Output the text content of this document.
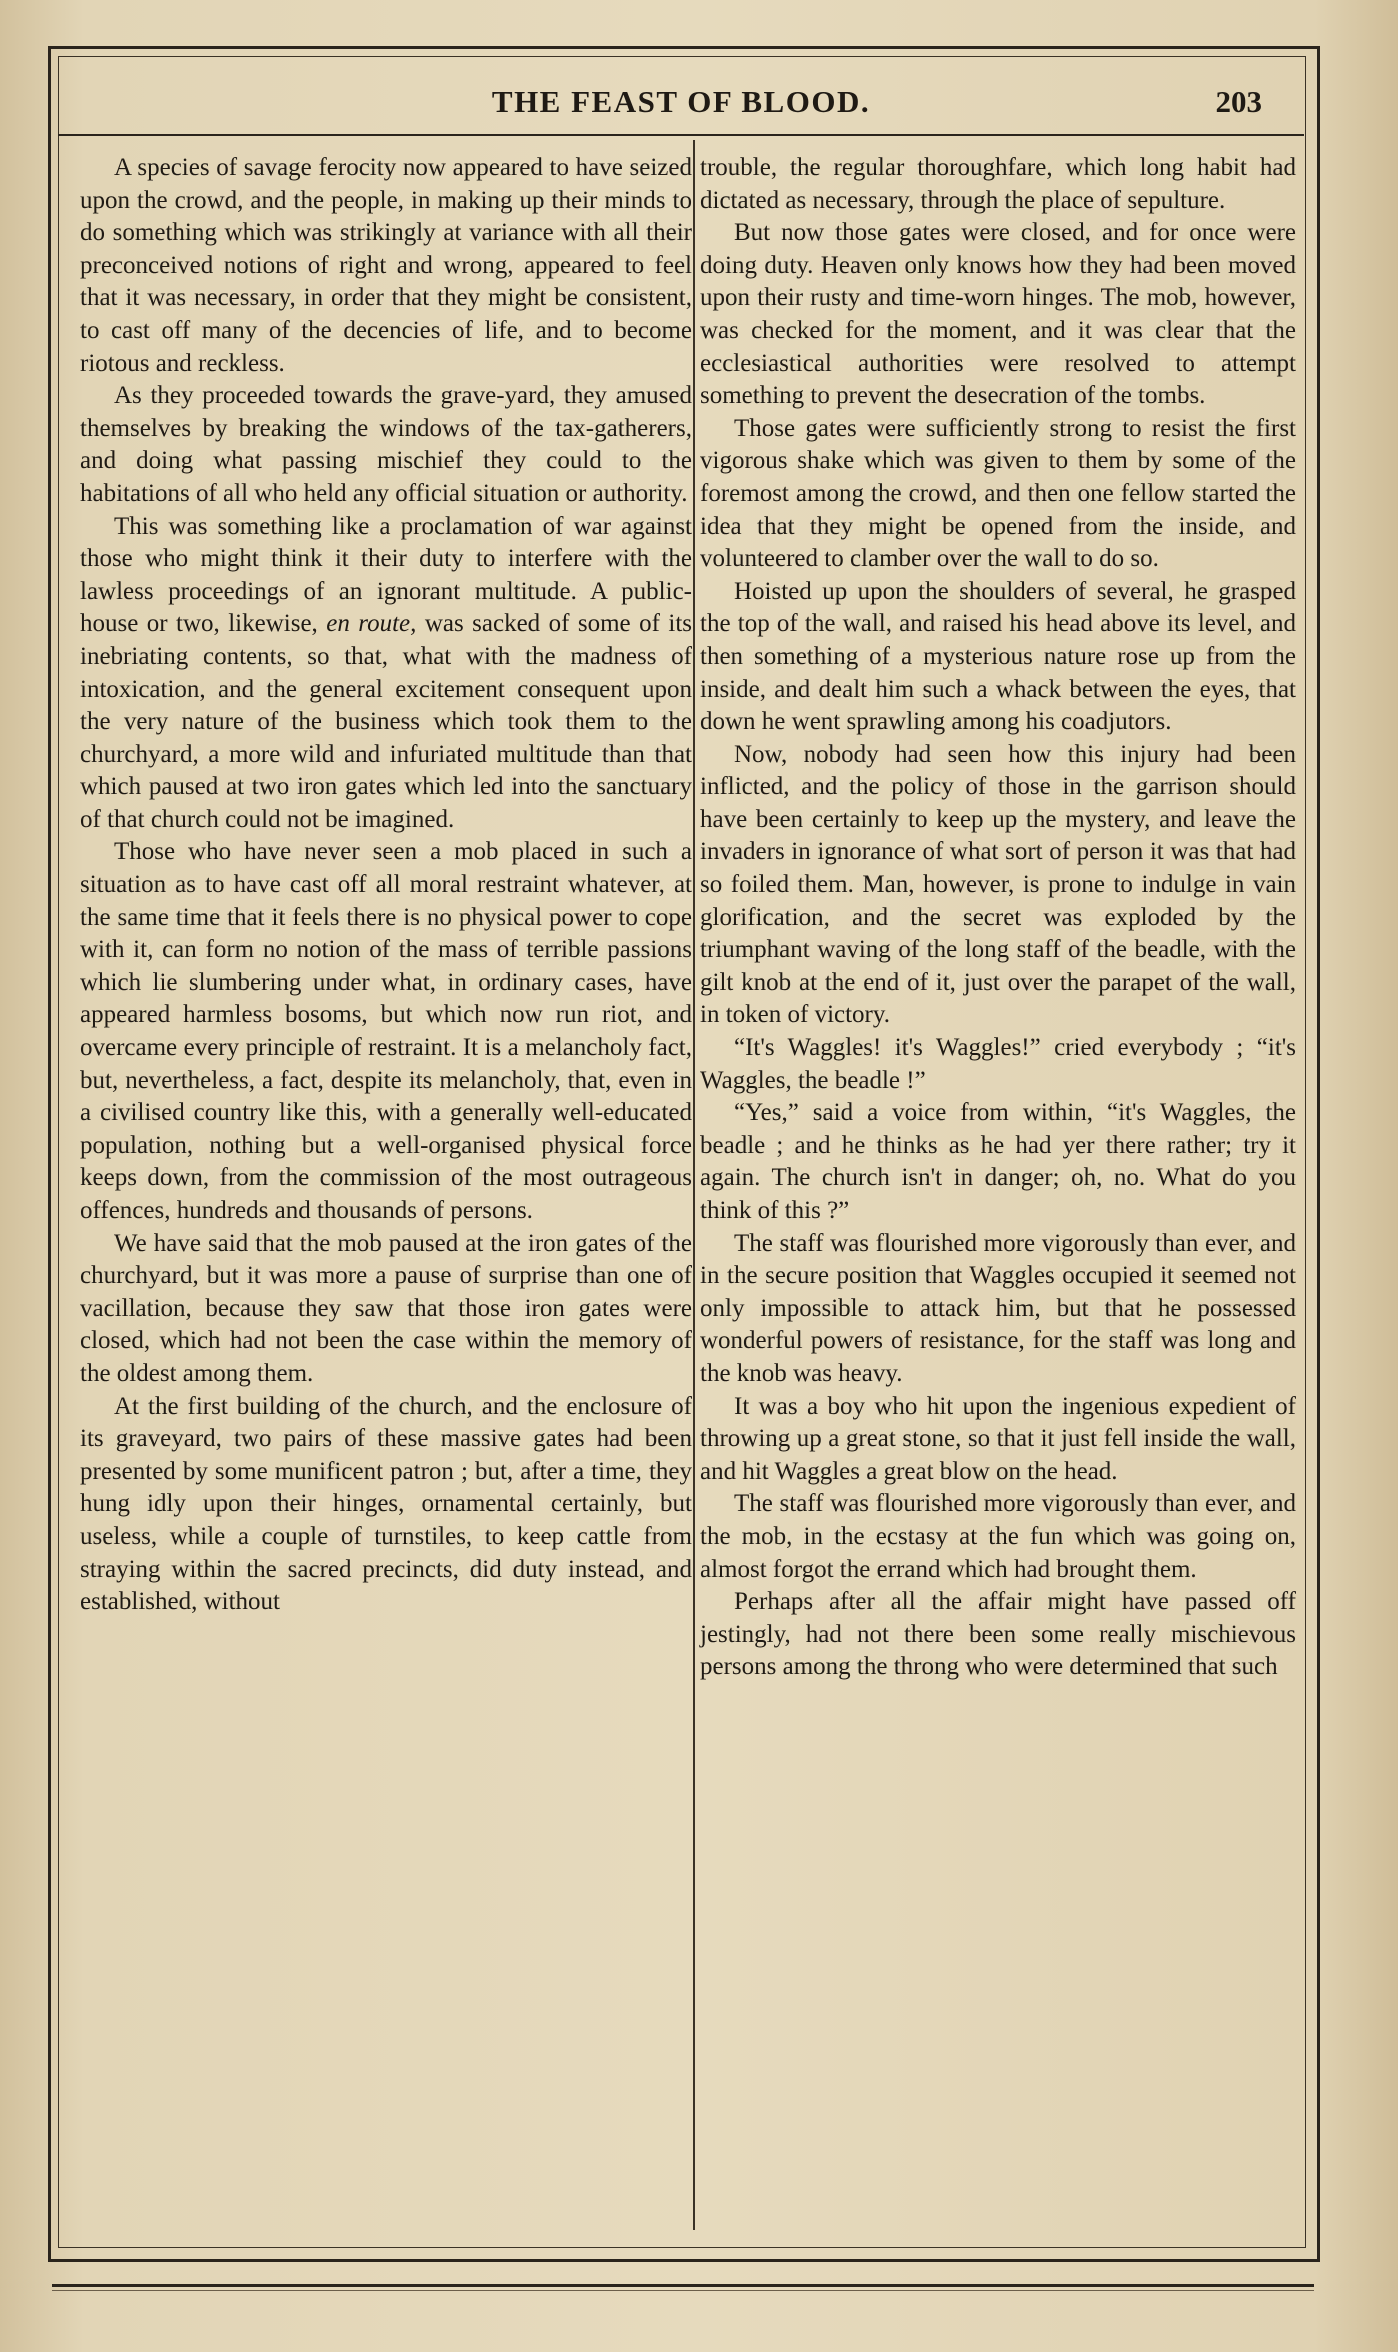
THE FEAST OF BLOOD.	203

A species of savage ferocity now appeared to have seized upon the crowd, and the people, in making up their minds to do something which was strikingly at variance with all their preconceived notions of right and wrong, appeared to feel that it was necessary, in order that they might be consistent, to cast off many of the decencies of life, and to become riotous and reckless.

As they proceeded towards the grave-yard, they amused themselves by breaking the windows of the tax-gatherers, and doing what passing mischief they could to the habitations of all who held any official situation or authority.

This was something like a proclamation of war against those who might think it their duty to interfere with the lawless proceedings of an ignorant multitude. A public-house or two, likewise, en route, was sacked of some of its inebriating contents, so that, what with the madness of intoxication, and the general excitement consequent upon the very nature of the business which took them to the churchyard, a more wild and infuriated multitude than that which paused at two iron gates which led into the sanctuary of that church could not be imagined.

Those who have never seen a mob placed in such a situation as to have cast off all moral restraint whatever, at the same time that it feels there is no physical power to cope with it, can form no notion of the mass of terrible passions which lie slumbering under what, in ordinary cases, have appeared harmless bosoms, but which now run riot, and overcame every principle of restraint. It is a melancholy fact, but, nevertheless, a fact, despite its melancholy, that, even in a civilised country like this, with a generally well-educated population, nothing but a well-organised physical force keeps down, from the commission of the most outrageous offences, hundreds and thousands of persons.

We have said that the mob paused at the iron gates of the churchyard, but it was more a pause of surprise than one of vacillation, because they saw that those iron gates were closed, which had not been the case within the memory of the oldest among them.

At the first building of the church, and the enclosure of its graveyard, two pairs of these massive gates had been presented by some munificent patron ; but, after a time, they hung idly upon their hinges, ornamental certainly, but useless, while a couple of turnstiles, to keep cattle from straying within the sacred precincts, did duty instead, and established, without

trouble, the regular thoroughfare, which long habit had dictated as necessary, through the place of sepulture.

But now those gates were closed, and for once were doing duty. Heaven only knows how they had been moved upon their rusty and time-worn hinges. The mob, however, was checked for the moment, and it was clear that the ecclesiastical authorities were resolved to attempt something to prevent the desecration of the tombs.

Those gates were sufficiently strong to resist the first vigorous shake which was given to them by some of the foremost among the crowd, and then one fellow started the idea that they might be opened from the inside, and volunteered to clamber over the wall to do so.

Hoisted up upon the shoulders of several, he grasped the top of the wall, and raised his head above its level, and then something of a mysterious nature rose up from the inside, and dealt him such a whack between the eyes, that down he went sprawling among his coadjutors.

Now, nobody had seen how this injury had been inflicted, and the policy of those in the garrison should have been certainly to keep up the mystery, and leave the invaders in ignorance of what sort of person it was that had so foiled them. Man, however, is prone to indulge in vain glorification, and the secret was exploded by the triumphant waving of the long staff of the beadle, with the gilt knob at the end of it, just over the parapet of the wall, in token of victory.

“It's Waggles! it's Waggles!” cried everybody ; “it's Waggles, the beadle !”

“Yes,” said a voice from within, “it's Waggles, the beadle ; and he thinks as he had yer there rather; try it again. The church isn't in danger; oh, no. What do you think of this ?”

The staff was flourished more vigorously than ever, and in the secure position that Waggles occupied it seemed not only impossible to attack him, but that he possessed wonderful powers of resistance, for the staff was long and the knob was heavy.

It was a boy who hit upon the ingenious expedient of throwing up a great stone, so that it just fell inside the wall, and hit Waggles a great blow on the head.

The staff was flourished more vigorously than ever, and the mob, in the ecstasy at the fun which was going on, almost forgot the errand which had brought them.

Perhaps after all the affair might have passed off jestingly, had not there been some really mischievous persons among the throng who were determined that such
